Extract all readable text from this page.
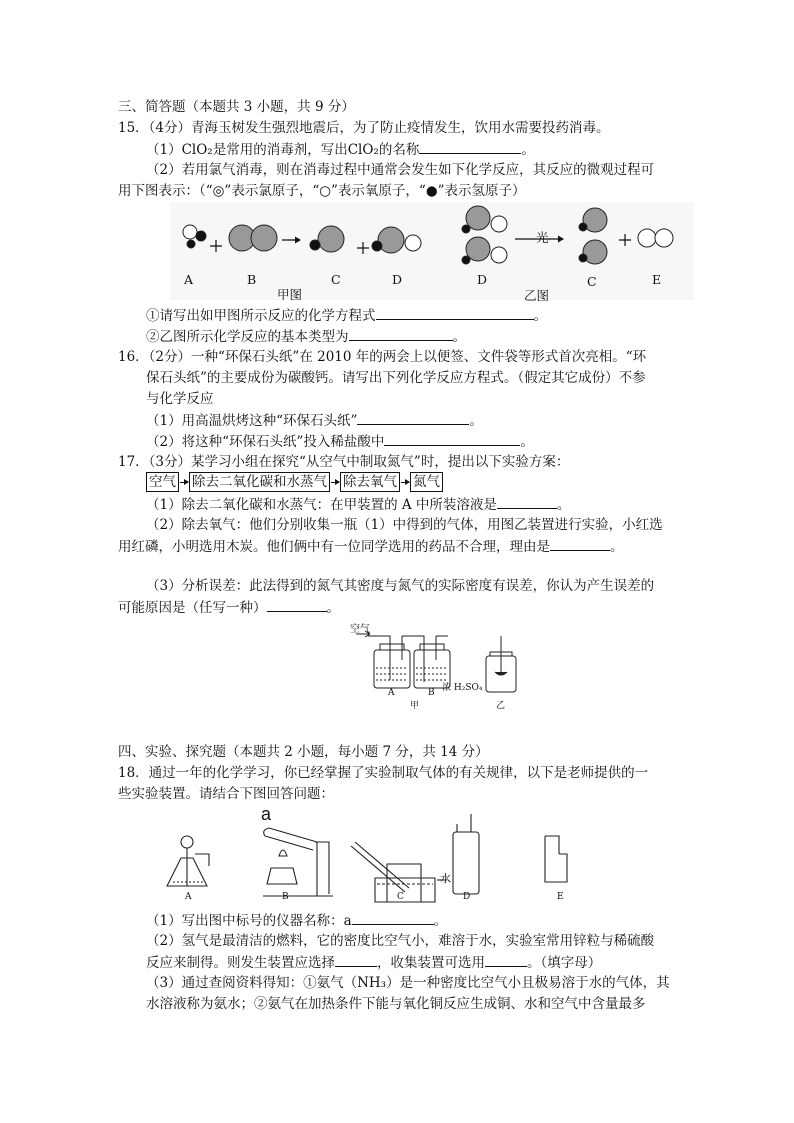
三、简答题（本题共 3 小题，共 9 分）
15．（4分）青海玉树发生强烈地震后，为了防止疫情发生，饮用水需要投药消毒。
（1）ClO₂是常用的消毒剂，写出ClO₂的名称	。
（2）若用氯气消毒，则在消毒过程中通常会发生如下化学反应，其反应的微观过程可
用下图表示：（“◎”表示氯原子，“○”表示氧原子，“●”表示氢原子）
光
A	B	C	D	D	C	E
甲图	乙图
①请写出如甲图所示反应的化学方程式	。
②乙图所示化学反应的基本类型为	。
16．（2分）一种“环保石头纸”在 2010 年的两会上以便签、文件袋等形式首次亮相。“环
保石头纸”的主要成份为碳酸钙。请写出下列化学反应方程式。（假定其它成份）不参
与化学反应
（1）用高温烘烤这种“环保石头纸”	。
（2）将这种“环保石头纸”投入稀盐酸中	。
17．（3分）某学习小组在探究“从空气中制取氮气”时，提出以下实验方案：
空气 除去二氧化碳和水蒸气 除去氧气 氮气
（1）除去二氧化碳和水蒸气：在甲装置的 A 中所装溶液是	。
（2）除去氧气：他们分别收集一瓶（1）中得到的气体，用图乙装置进行实验，小红选
用红磷，小明选用木炭。他们俩中有一位同学选用的药品不合理，理由是	。
（3）分析误差：此法得到的氮气其密度与氮气的实际密度有误差，你认为产生误差的
可能原因是（任写一种）	。
空气
A	B 浓 H₂SO₄
甲	乙
四、实验、探究题（本题共 2 小题，每小题 7 分，共 14 分）
18．通过一年的化学学习，你已经掌握了实验制取气体的有关规律，以下是老师提供的一
些实验装置。请结合下图回答问题：
a
水
A	B	C	D	E
（1）写出图中标号的仪器名称：a	。
（2）氢气是最清洁的燃料，它的密度比空气小，难溶于水，实验室常用锌粒与稀硫酸
反应来制得。则发生装置应选择	，收集装置可选用	。（填字母）
（3）通过查阅资料得知：①氨气（NH₃）是一种密度比空气小且极易溶于水的气体，其
水溶液称为氨水；②氨气在加热条件下能与氧化铜反应生成铜、水和空气中含量最多
